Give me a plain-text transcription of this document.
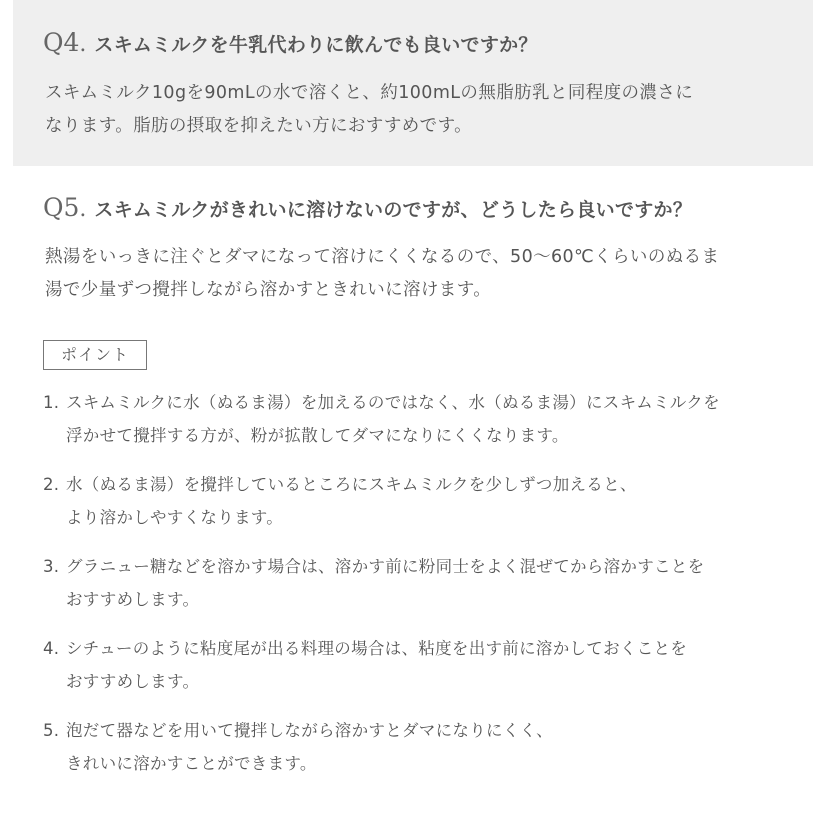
Q4 . スキムミルクを牛乳代わりに飲んでも良いですか？

スキムミルク10gを90mLの水で溶くと、約100mLの無脂肪乳と同程度の濃さに
なります。脂肪の摂取を抑えたい方におすすめです。

Q5 . スキムミルクがきれいに溶けないのですが、どうしたら良いですか？

熱湯をいっきに注ぐとダマになって溶けにくくなるので、50〜60℃くらいのぬるま
湯で少量ずつ攪拌しながら溶かすときれいに溶けます。

ポイント
1. スキムミルクに水（ぬるま湯）を加えるのではなく、水（ぬるま湯）にスキムミルクを
浮かせて攪拌する方が、粉が拡散してダマになりにくくなります。
2. 水（ぬるま湯）を攪拌しているところにスキムミルクを少しずつ加えると、
より溶かしやすくなります。
3. グラニュー糖などを溶かす場合は、溶かす前に粉同士をよく混ぜてから溶かすことを
おすすめします。
4. シチューのように粘度尾が出る料理の場合は、粘度を出す前に溶かしておくことを
おすすめします。
5. 泡だて器などを用いて攪拌しながら溶かすとダマになりにくく、
きれいに溶かすことができます。
